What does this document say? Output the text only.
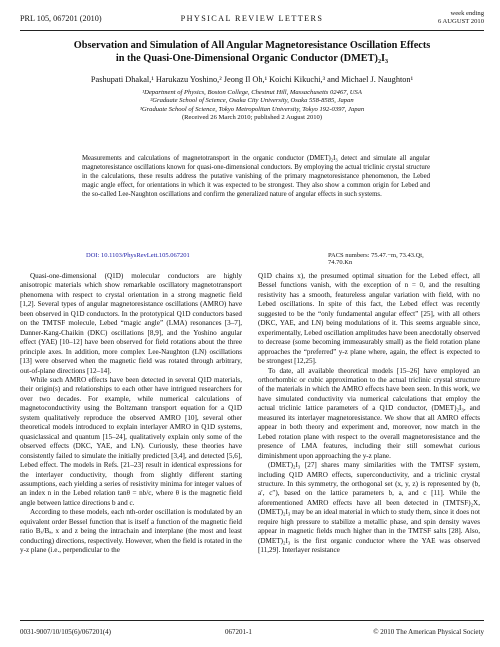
PRL 105, 067201 (2010)	PHYSICAL REVIEW LETTERS
week ending
6 AUGUST 2010
Observation and Simulation of All Angular Magnetoresistance Oscillation Effects
in the Quasi-One-Dimensional Organic Conductor (DMET)₂I₃
Pashupati Dhakal,¹ Harukazu Yoshino,² Jeong Il Oh,¹ Koichi Kikuchi,³ and Michael J. Naughton¹
¹Department of Physics, Boston College, Chestnut Hill, Massachusetts 02467, USA
²Graduate School of Science, Osaka City University, Osaka 558-8585, Japan
³Graduate School of Science, Tokyo Metropolitan University, Tokyo 192-0397, Japan
(Received 26 March 2010; published 2 August 2010)
Measurements and calculations of magnetotransport in the organic conductor (DMET)₂I₃ detect and simulate all angular magnetoresistance oscillations known for quasi-one-dimensional conductors. By employing the actual triclinic crystal structure in the calculations, these results address the putative vanishing of the primary magnetoresistance phenomenon, the Lebed magic angle effect, for orientations in which it was expected to be strongest. They also show a common origin for Lebed and the so-called Lee-Naughton oscillations and confirm the generalized nature of angular effects in such systems.
DOI: 10.1103/PhysRevLett.105.067201	PACS numbers: 75.47.−m, 73.43.Qt, 74.70.Kn

Quasi-one-dimensional (Q1D) molecular conductors are highly anisotropic materials which show remarkable oscillatory magnetotransport phenomena with respect to crystal orientation in a strong magnetic field [1,2]. Several types of angular magnetoresistance oscillations (AMRO) have been observed in Q1D conductors. In the prototypical Q1D conductors based on the TMTSF molecule, Lebed “magic angle” (LMA) resonances [3–7], Danner-Kang-Chaikin (DKC) oscillations [8,9], and the Yoshino angular effect (YAE) [10–12] have been observed for field rotations about the three principle axes. In addition, more complex Lee-Naughton (LN) oscillations [13] were observed when the magnetic field was rotated through arbitrary, out-of-plane directions [12–14].

While such AMRO effects have been detected in several Q1D materials, their origin(s) and relationships to each other have intrigued researchers for over two decades. For example, while numerical calculations of magnetoconductivity using the Boltzmann transport equation for a Q1D system qualitatively reproduce the observed AMRO [10], several other theoretical models introduced to explain interlayer AMRO in Q1D systems, quasiclassical and quantum [15–24], qualitatively explain only some of the observed effects (DKC, YAE, and LN). Curiously, these theories have consistently failed to simulate the initially predicted [3,4], and detected [5,6], Lebed effect. The models in Refs. [21–23] result in identical expressions for the interlayer conductivity, though from slightly different starting assumptions, each yielding a series of resistivity minima for integer values of an index n in the Lebed relation tanθ = nb/c, where θ is the magnetic field angle between lattice directions b and c.

According to these models, each nth-order oscillation is modulated by an equivalent order Bessel function that is itself a function of the magnetic field ratio Bₓ/Bₔ, x and z being the intrachain and interplane (the most and least conducting) directions, respectively. However, when the field is rotated in the y-z plane (i.e., perpendicular to the

Q1D chains x), the presumed optimal situation for the Lebed effect, all Bessel functions vanish, with the exception of n = 0, and the resulting resistivity has a smooth, featureless angular variation with field, with no Lebed oscillations. In spite of this fact, the Lebed effect was recently suggested to be the “only fundamental angular effect” [25], with all others (DKC, YAE, and LN) being modulations of it. This seems arguable since, experimentally, Lebed oscillation amplitudes have been anecdotally observed to decrease (some becoming immeasurably small) as the field rotation plane approaches the “preferred” y-z plane where, again, the effect is expected to be strongest [12,25].

To date, all available theoretical models [15–26] have employed an orthorhombic or cubic approximation to the actual triclinic crystal structure of the materials in which the AMRO effects have been seen. In this work, we have simulated conductivity via numerical calculations that employ the actual triclinic lattice parameters of a Q1D conductor, (DMET)₂I₃, and measured its interlayer magnetoresistance. We show that all AMRO effects appear in both theory and experiment and, moreover, now match in the Lebed rotation plane with respect to the overall magnetoresistance and the presence of LMA features, including their still somewhat curious diminishment upon approaching the y-z plane.

(DMET)₂I₃ [27] shares many similarities with the TMTSF system, including Q1D AMRO effects, superconductivity, and a triclinic crystal structure. In this symmetry, the orthogonal set (x, y, z) is represented by (b, a′, c″), based on the lattice parameters b, a, and c [11]. While the aforementioned AMRO effects have all been detected in (TMTSF)₂X, (DMET)₂I₃ may be an ideal material in which to study them, since it does not require high pressure to stabilize a metallic phase, and spin density waves appear in magnetic fields much higher than in the TMTSF salts [28]. Also, (DMET)₂I₃ is the first organic conductor where the YAE was observed [11,29]. Interlayer resistance

0031-9007/10/105(6)/067201(4)	067201-1	© 2010 The American Physical Society
